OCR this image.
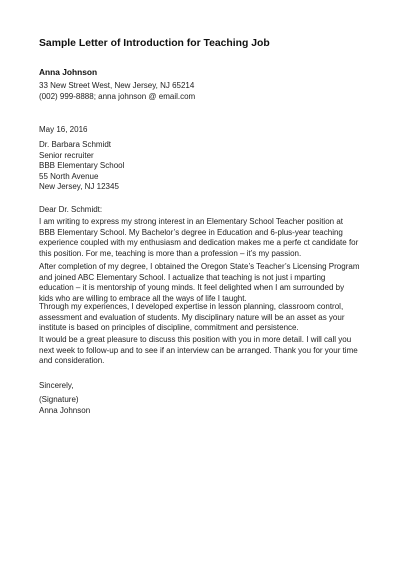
Sample Letter of Introduction for Teaching Job
Anna Johnson
33 New Street West, New Jersey, NJ 65214
(002) 999-8888; anna johnson @ email.com
May 16, 2016
Dr. Barbara Schmidt
Senior recruiter
BBB Elementary School
55 North Avenue
New Jersey, NJ 12345
Dear Dr. Schmidt:
I am writing to express my strong interest in an Elementary School Teacher position at
BBB Elementary School. My Bachelor’s degree in Education and 6-plus-year teaching
experience coupled with my enthusiasm and dedication makes me a perfe ct candidate for
this position. For me, teaching is more than a profession – it’s my passion.
After completion of my degree, I obtained the Oregon State’s Teacher’s Licensing Program
and joined ABC Elementary School. I actualize that teaching is not just i mparting
education – it is mentorship of young minds. It feel delighted when I am surrounded by
kids who are willing to embrace all the ways of life I taught.
Through my experiences, I developed expertise in lesson planning, classroom control,
assessment and evaluation of students. My disciplinary nature will be an asset as your
institute is based on principles of discipline, commitment and persistence.
It would be a great pleasure to discuss this position with you in more detail. I will call you
next week to follow-up and to see if an interview can be arranged. Thank you for your time
and consideration.
Sincerely,
(Signature)
Anna Johnson
